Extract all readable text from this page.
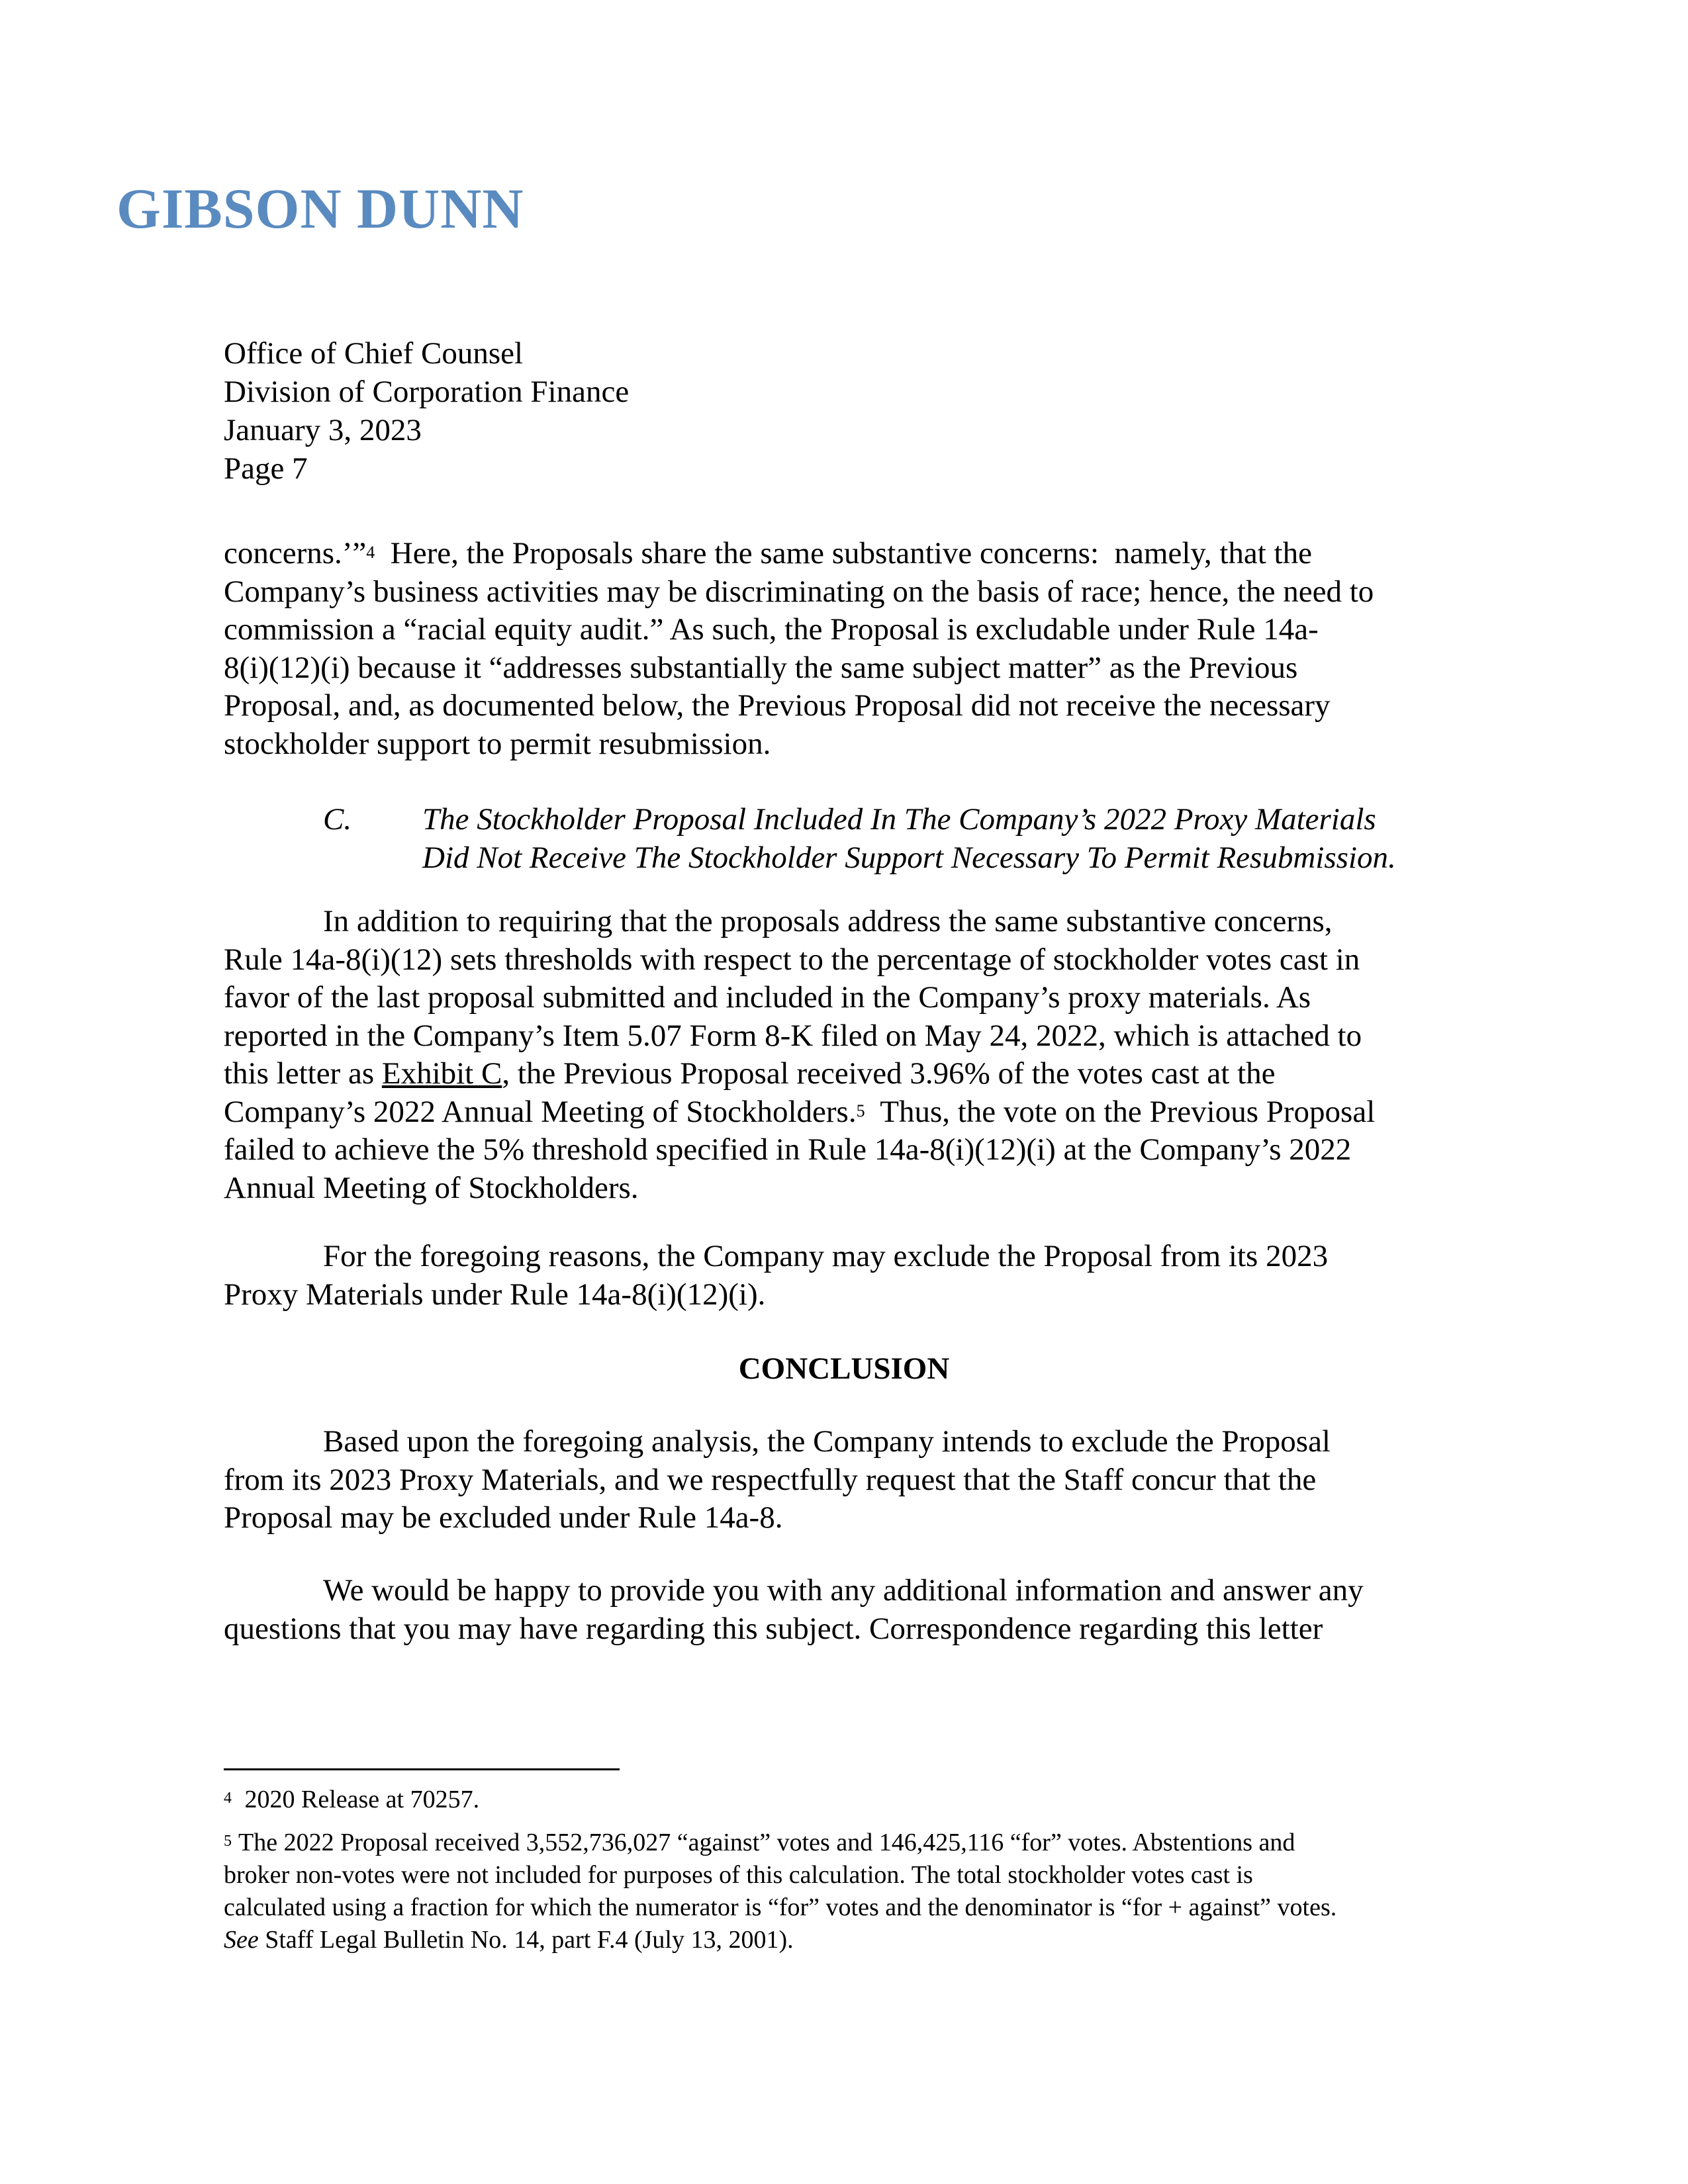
GIBSON DUNN
Office of Chief Counsel
Division of Corporation Finance
January 3, 2023
Page 7
concerns.’”$^4$  Here, the Proposals share the same substantive concerns:  namely, that the
Company’s business activities may be discriminating on the basis of race; hence, the need to
commission a “racial equity audit.” As such, the Proposal is excludable under Rule 14a-
8(i)(12)(i) because it “addresses substantially the same subject matter” as the Previous
Proposal, and, as documented below, the Previous Proposal did not receive the necessary
stockholder support to permit resubmission.
C. The Stockholder Proposal Included In The Company’s 2022 Proxy Materials
Did Not Receive The Stockholder Support Necessary To Permit Resubmission.
In addition to requiring that the proposals address the same substantive concerns,
Rule 14a-8(i)(12) sets thresholds with respect to the percentage of stockholder votes cast in
favor of the last proposal submitted and included in the Company’s proxy materials. As
reported in the Company’s Item 5.07 Form 8-K filed on May 24, 2022, which is attached to
this letter as Exhibit C, the Previous Proposal received 3.96% of the votes cast at the
Company’s 2022 Annual Meeting of Stockholders.$^5$  Thus, the vote on the Previous Proposal
failed to achieve the 5% threshold specified in Rule 14a-8(i)(12)(i) at the Company’s 2022
Annual Meeting of Stockholders.
For the foregoing reasons, the Company may exclude the Proposal from its 2023
Proxy Materials under Rule 14a-8(i)(12)(i).
CONCLUSION
Based upon the foregoing analysis, the Company intends to exclude the Proposal
from its 2023 Proxy Materials, and we respectfully request that the Staff concur that the
Proposal may be excluded under Rule 14a-8.
We would be happy to provide you with any additional information and answer any
questions that you may have regarding this subject. Correspondence regarding this letter
$^4$ 2020 Release at 70257.
$^5$ The 2022 Proposal received 3,552,736,027 “against” votes and 146,425,116 “for” votes. Abstentions and
broker non-votes were not included for purposes of this calculation. The total stockholder votes cast is
calculated using a fraction for which the numerator is “for” votes and the denominator is “for + against” votes.
See Staff Legal Bulletin No. 14, part F.4 (July 13, 2001).
